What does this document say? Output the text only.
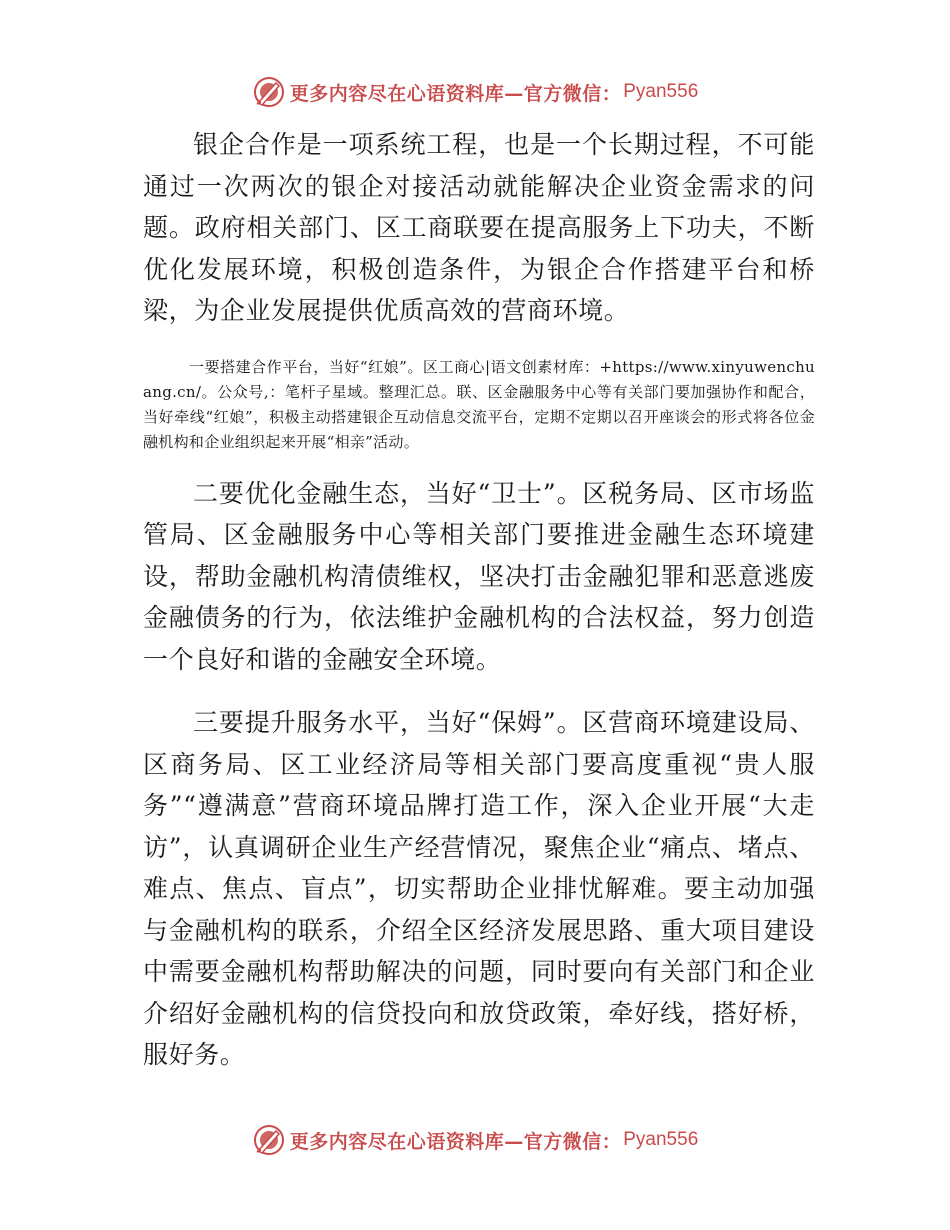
更多内容尽在心语资料库—官方微信： Pyan556

银企合作是一项系统工程，也是一个长期过程，不可能通过一次两次的银企对接活动就能解决企业资金需求的问题。政府相关部门、区工商联要在提高服务上下功夫，不断优化发展环境，积极创造条件，为银企合作搭建平台和桥梁，为企业发展提供优质高效的营商环境。

一要搭建合作平台，当好“红娘”。区工商心|语文创素材库：+https://www.xinyuwenchuang.cn/。公众号,：笔杆子星域。整理汇总。联、区金融服务中心等有关部门要加强协作和配合，当好牵线“红娘”，积极主动搭建银企互动信息交流平台，定期不定期以召开座谈会的形式将各位金融机构和企业组织起来开展“相亲”活动。

二要优化金融生态，当好“卫士”。区税务局、区市场监管局、区金融服务中心等相关部门要推进金融生态环境建设，帮助金融机构清债维权，坚决打击金融犯罪和恶意逃废金融债务的行为，依法维护金融机构的合法权益，努力创造一个良好和谐的金融安全环境。

三要提升服务水平，当好“保姆”。区营商环境建设局、区商务局、区工业经济局等相关部门要高度重视“贵人服务”“遵满意”营商环境品牌打造工作，深入企业开展“大走访”，认真调研企业生产经营情况，聚焦企业“痛点、堵点、难点、焦点、盲点”，切实帮助企业排忧解难。要主动加强与金融机构的联系，介绍全区经济发展思路、重大项目建设中需要金融机构帮助解决的问题，同时要向有关部门和企业介绍好金融机构的信贷投向和放贷政策，牵好线，搭好桥，服好务。

更多内容尽在心语资料库—官方微信： Pyan556
